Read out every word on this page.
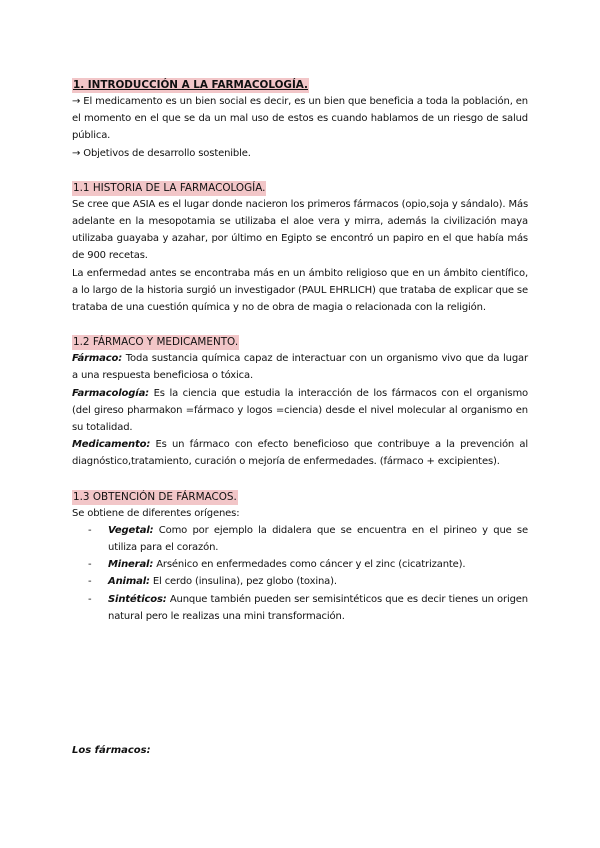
1. INTRODUCCIÓN A LA FARMACOLOGÍA.

→ El medicamento es un bien social es decir, es un bien que beneficia a toda la población, en el momento en el que se da un mal uso de estos es cuando hablamos de un riesgo de salud pública.

→ Objetivos de desarrollo sostenible.

1.1 HISTORIA DE LA FARMACOLOGÍA.

Se cree que ASIA es el lugar donde nacieron los primeros fármacos (opio,soja y sándalo). Más adelante en la mesopotamia se utilizaba el aloe vera y mirra, además la civilización maya utilizaba guayaba y azahar, por último en Egipto se encontró un papiro en el que había más de 900 recetas.

La enfermedad antes se encontraba más en un ámbito religioso que en un ámbito científico, a lo largo de la historia surgió un investigador (PAUL EHRLICH) que trataba de explicar que se trataba de una cuestión química y no de obra de magia o relacionada con la religión.

1.2 FÁRMACO Y MEDICAMENTO.

Fármaco: Toda sustancia química capaz de interactuar con un organismo vivo que da lugar a una respuesta beneficiosa o tóxica.

Farmacología: Es la ciencia que estudia la interacción de los fármacos con el organismo (del gireso pharmakon =fármaco y logos =ciencia) desde el nivel molecular al organismo en su totalidad.

Medicamento: Es un fármaco con efecto beneficioso que contribuye a la prevención al diagnóstico,tratamiento, curación o mejoría de enfermedades. (fármaco + excipientes).

1.3 OBTENCIÓN DE FÁRMACOS.

Se obtiene de diferentes orígenes:

- Vegetal: Como por ejemplo la didalera que se encuentra en el pirineo y que se utiliza para el corazón.
- Mineral: Arsénico en enfermedades como cáncer y el zinc (cicatrizante).
- Animal: El cerdo (insulina), pez globo (toxina).
- Sintéticos: Aunque también pueden ser semisintéticos que es decir tienes un origen natural pero le realizas una mini transformación.
Los fármacos:
